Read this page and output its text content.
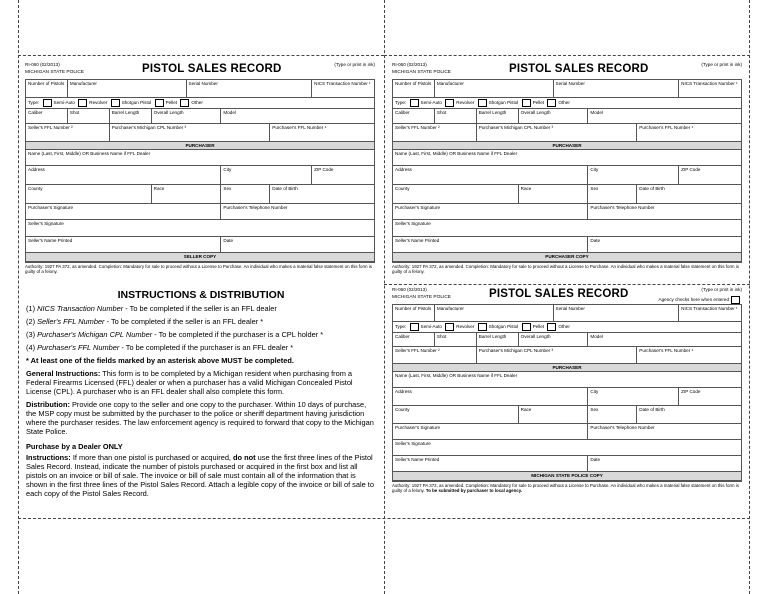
RI-060 (02/2013)
MICHIGAN STATE POLICE	PISTOL SALES RECORD	(Type or print in ink)
Number of Pistols	Manufacturer			Serial Number			NICS Transaction Number ¹
Type: Semi-Auto Revolver Shotgun Pistol Pellet Other							
Caliber	Shot	Barrel Length	Overall Length		Model		
Seller's FFL Number ²		Purchaser's Michigan CPL Number ³				Purchaser's FFL Number ⁴	
PURCHASER							
Name (Last, First, Middle) OR Business Name if FFL Dealer							
Address					City		ZIP Code
County			Race		Sex	Date of Birth	
Purchaser's Signature					Purchaser's Telephone Number		
Seller's Signature							
Seller's Name Printed					Date		
SELLER COPY							
Authority: 1927 PA 372, as amended. Completion: Mandatory for sale to proceed without a License to Purchase. An individual who makes a material false statement on this form is guilty of a felony.
INSTRUCTIONS & DISTRIBUTION

(1) NICS Transaction Number - To be completed if the seller is an FFL dealer

(2) Seller's FFL Number - To be completed if the seller is an FFL dealer *

(3) Purchaser's Michigan CPL Number - To be completed if the purchaser is a CPL holder *

(4) Purchaser's FFL Number - To be completed if the purchaser is an FFL dealer *

* At least one of the fields marked by an asterisk above MUST be completed.

General Instructions: This form is to be completed by a Michigan resident when purchasing from a Federal Firearms Licensed (FFL) dealer or when a purchaser has a valid Michigan Concealed Pistol License (CPL). A purchaser who is an FFL dealer shall also complete this form.

Distribution: Provide one copy to the seller and one copy to the purchaser. Within 10 days of purchase, the MSP copy must be submitted by the purchaser to the police or sheriff department having jurisdiction where the purchaser resides. The law enforcement agency is required to forward that copy to the Michigan State Police.

Purchase by a Dealer ONLY

Instructions: If more than one pistol is purchased or acquired, do not use the first three lines of the Pistol Sales Record. Instead, indicate the number of pistols purchased or acquired in the first box and list all pistols on an invoice or bill of sale. The invoice or bill of sale must contain all of the information that is shown in the first three lines of the Pistol Sales Record. Attach a legible copy of the invoice or bill of sale to each copy of the Pistol Sales Record.

RI-060 (02/2013)
MICHIGAN STATE POLICE	PISTOL SALES RECORD	(Type or print in ink)
Number of Pistols	Manufacturer			Serial Number			NICS Transaction Number ¹
Type: Semi-Auto Revolver Shotgun Pistol Pellet Other							
Caliber	Shot	Barrel Length	Overall Length		Model		
Seller's FFL Number ²		Purchaser's Michigan CPL Number ³				Purchaser's FFL Number ⁴	
PURCHASER							
Name (Last, First, Middle) OR Business Name if FFL Dealer							
Address					City		ZIP Code
County			Race		Sex	Date of Birth	
Purchaser's Signature					Purchaser's Telephone Number		
Seller's Signature							
Seller's Name Printed					Date		
PURCHASER COPY							
Authority: 1927 PA 372, as amended. Completion: Mandatory for sale to proceed without a License to Purchase. An individual who makes a material false statement on this form is guilty of a felony.
RI-060 (02/2013)
MICHIGAN STATE POLICE	PISTOL SALES RECORD	(Type or print in ink)
Agency checks here when entered
Number of Pistols	Manufacturer			Serial Number			NICS Transaction Number ¹
Type: Semi-Auto Revolver Shotgun Pistol Pellet Other							
Caliber	Shot	Barrel Length	Overall Length		Model		
Seller's FFL Number ²		Purchaser's Michigan CPL Number ³				Purchaser's FFL Number ⁴	
PURCHASER							
Name (Last, First, Middle) OR Business Name if FFL Dealer							
Address					City		ZIP Code
County			Race		Sex	Date of Birth	
Purchaser's Signature					Purchaser's Telephone Number		
Seller's Signature							
Seller's Name Printed					Date		
MICHIGAN STATE POLICE COPY							
Authority: 1927 PA 372, as amended. Completion: Mandatory for sale to proceed without a License to Purchase. An individual who makes a material false statement on this form is guilty of a felony. To be submitted by purchaser to local agency.
